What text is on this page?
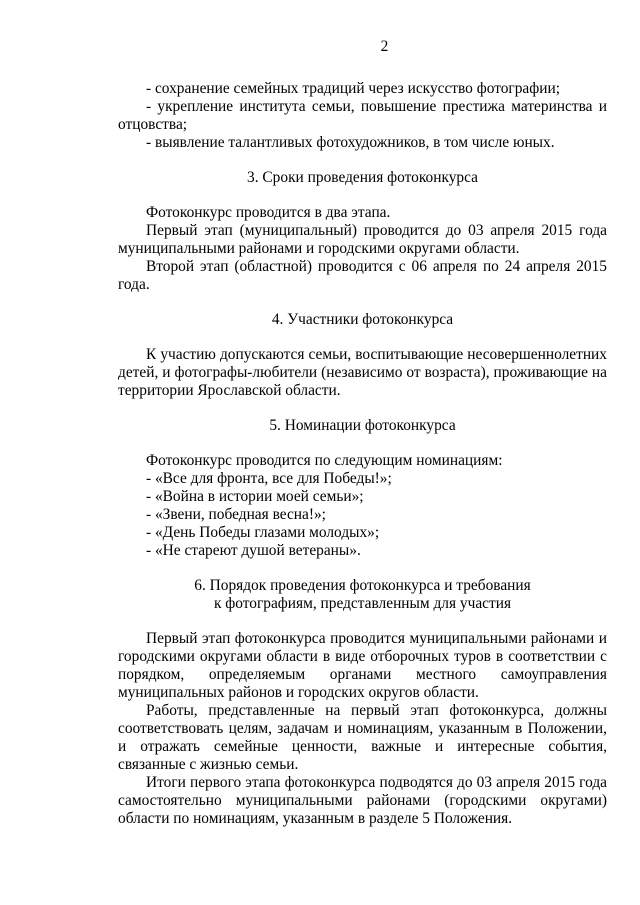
2

- сохранение семейных традиций через искусство фотографии;

- укрепление института семьи, повышение престижа материнства и отцовства;

- выявление талантливых фотохудожников, в том числе юных.

3. Сроки проведения фотоконкурса

Фотоконкурс проводится в два этапа.

Первый этап (муниципальный) проводится до 03 апреля 2015 года муниципальными районами и городскими округами области.

Второй этап (областной) проводится с 06 апреля по 24 апреля 2015 года.

4. Участники фотоконкурса

К участию допускаются семьи, воспитывающие несовершеннолетних детей, и фотографы-любители (независимо от возраста), проживающие на территории Ярославской области.

5. Номинации фотоконкурса

Фотоконкурс проводится по следующим номинациям:

- «Все для фронта, все для Победы!»;

- «Война в истории моей семьи»;

- «Звени, победная весна!»;

- «День Победы глазами молодых»;

- «Не стареют душой ветераны».

6. Порядок проведения фотоконкурса и требования
к фотографиям, представленным для участия

Первый этап фотоконкурса проводится муниципальными районами и городскими округами области в виде отборочных туров в соответствии с порядком, определяемым органами местного самоуправления муниципальных районов и городских округов области.

Работы, представленные на первый этап фотоконкурса, должны соответствовать целям, задачам и номинациям, указанным в Положении, и отражать семейные ценности, важные и интересные события, связанные с жизнью семьи.

Итоги первого этапа фотоконкурса подводятся до 03 апреля 2015 года самостоятельно муниципальными районами (городскими округами) области по номинациям, указанным в разделе 5 Положения.
